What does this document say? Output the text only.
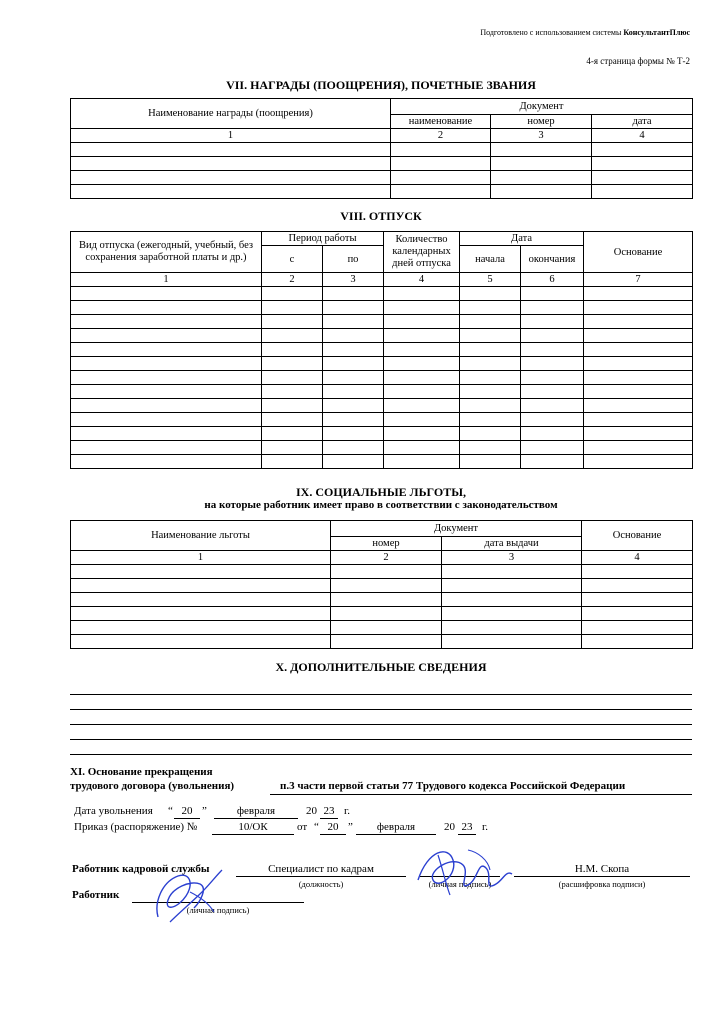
Подготовлено с использованием системы КонсультантПлюс
4-я страница формы № Т-2
VII. НАГРАДЫ (ПООЩРЕНИЯ), ПОЧЕТНЫЕ ЗВАНИЯ
Наименование награды (поощрения)	Документ		
	наименование	номер	дата
1	2	3	4

VIII. ОТПУСК
Вид отпуска (ежегодный, учебный, без сохранения заработной платы и др.)	Период работы		Количество календарных дней отпуска	Дата		Основание
	с	по		начала	окончания	
1	2	3	4	5	6	7

IX. СОЦИАЛЬНЫЕ ЛЬГОТЫ,
на которые работник имеет право в соответствии с законодательством
Наименование льготы	Документ		Основание
	номер	дата выдачи	
1	2	3	4

X. ДОПОЛНИТЕЛЬНЫЕ СВЕДЕНИЯ
XI. Основание прекращения
трудового договора (увольнения)	п.3 части первой статьи 77 Трудового кодекса Российской Федерации
Дата увольнения “ 20 ”	февраля	20 23 г.
Приказ (распоряжение) №	10/ОК	от “ 20 ”	февраля	20 23 г.
Работник кадровой службы	Специалист по кадрам
(должность)	(личная подпись)
Н.М. Скопа
(расшифровка подписи)
Работник
(личная подпись)
